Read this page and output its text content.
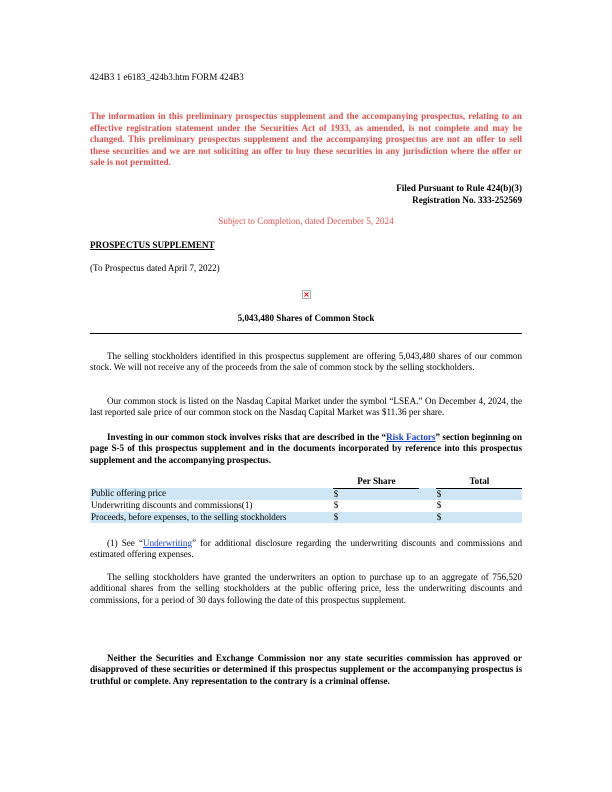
424B3 1 e6183_424b3.htm FORM 424B3
The information in this preliminary prospectus supplement and the accompanying prospectus, relating to an effective registration statement under the Securities Act of 1933, as amended, is not complete and may be changed. This preliminary prospectus supplement and the accompanying prospectus are not an offer to sell these securities and we are not soliciting an offer to buy these securities in any jurisdiction where the offer or sale is not permitted.
Filed Pursuant to Rule 424(b)(3)
Registration No. 333-252569
Subject to Completion, dated December 5, 2024
PROSPECTUS SUPPLEMENT
(To Prospectus dated April 7, 2022)
×
5,043,480 Shares of Common Stock
The selling stockholders identified in this prospectus supplement are offering 5,043,480 shares of our common stock. We will not receive any of the proceeds from the sale of common stock by the selling stockholders.
Our common stock is listed on the Nasdaq Capital Market under the symbol “LSEA.” On December 4, 2024, the last reported sale price of our common stock on the Nasdaq Capital Market was $11.36 per share.
Investing in our common stock involves risks that are described in the “Risk Factors” section beginning on page S-5 of this prospectus supplement and in the documents incorporated by reference into this prospectus supplement and the accompanying prospectus.
	Per Share		Total
Public offering price	$		$
Underwriting discounts and commissions(1)	$		$
Proceeds, before expenses, to the selling stockholders	$		$
(1) See “Underwriting” for additional disclosure regarding the underwriting discounts and commissions and estimated offering expenses.
The selling stockholders have granted the underwriters an option to purchase up to an aggregate of 756,520 additional shares from the selling stockholders at the public offering price, less the underwriting discounts and commissions, for a period of 30 days following the date of this prospectus supplement.
Neither the Securities and Exchange Commission nor any state securities commission has approved or disapproved of these securities or determined if this prospectus supplement or the accompanying prospectus is truthful or complete. Any representation to the contrary is a criminal offense.
